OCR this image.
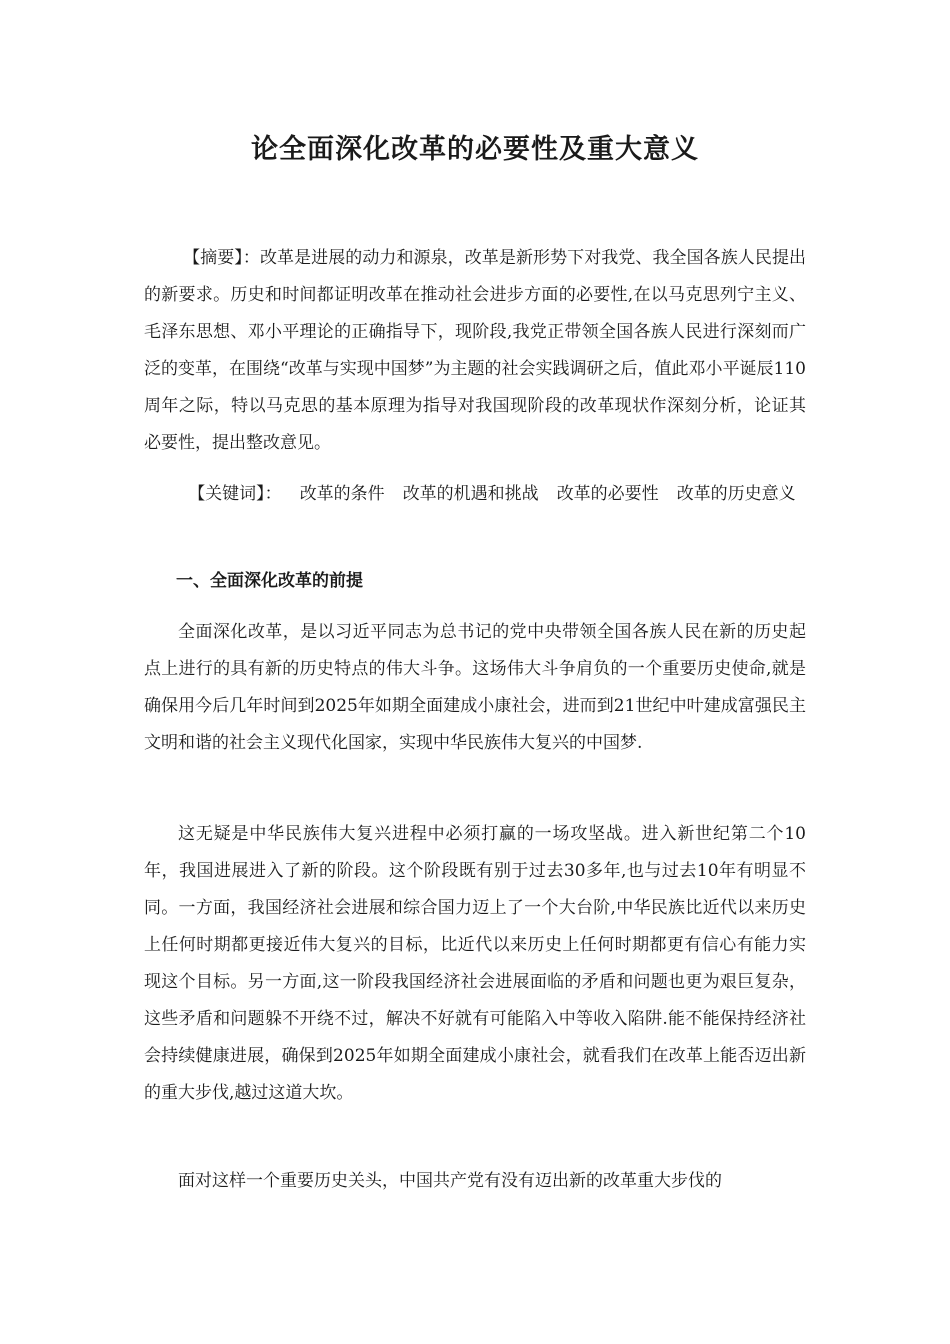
论全面深化改革的必要性及重大意义
【摘要】：改革是进展的动力和源泉，改革是新形势下对我党、我全国各族人民提出的新要求。历史和时间都证明改革在推动社会进步方面的必要性,在以马克思列宁主义、毛泽东思想、邓小平理论的正确指导下，现阶段,我党正带领全国各族人民进行深刻而广泛的变革，在围绕“改革与实现中国梦”为主题的社会实践调研之后，值此邓小平诞辰110周年之际，特以马克思的基本原理为指导对我国现阶段的改革现状作深刻分析，论证其必要性，提出整改意见。
【关键词】： 改革的条件 改革的机遇和挑战 改革的必要性 改革的历史意义
一、全面深化改革的前提
全面深化改革，是以习近平同志为总书记的党中央带领全国各族人民在新的历史起点上进行的具有新的历史特点的伟大斗争。这场伟大斗争肩负的一个重要历史使命,就是确保用今后几年时间到2025年如期全面建成小康社会，进而到21世纪中叶建成富强民主文明和谐的社会主义现代化国家，实现中华民族伟大复兴的中国梦.
这无疑是中华民族伟大复兴进程中必须打赢的一场攻坚战。进入新世纪第二个10年，我国进展进入了新的阶段。这个阶段既有别于过去30多年,也与过去10年有明显不同。一方面，我国经济社会进展和综合国力迈上了一个大台阶,中华民族比近代以来历史上任何时期都更接近伟大复兴的目标，比近代以来历史上任何时期都更有信心有能力实现这个目标。另一方面,这一阶段我国经济社会进展面临的矛盾和问题也更为艰巨复杂，这些矛盾和问题躲不开绕不过，解决不好就有可能陷入中等收入陷阱.能不能保持经济社会持续健康进展，确保到2025年如期全面建成小康社会，就看我们在改革上能否迈出新的重大步伐,越过这道大坎。
面对这样一个重要历史关头，中国共产党有没有迈出新的改革重大步伐的
